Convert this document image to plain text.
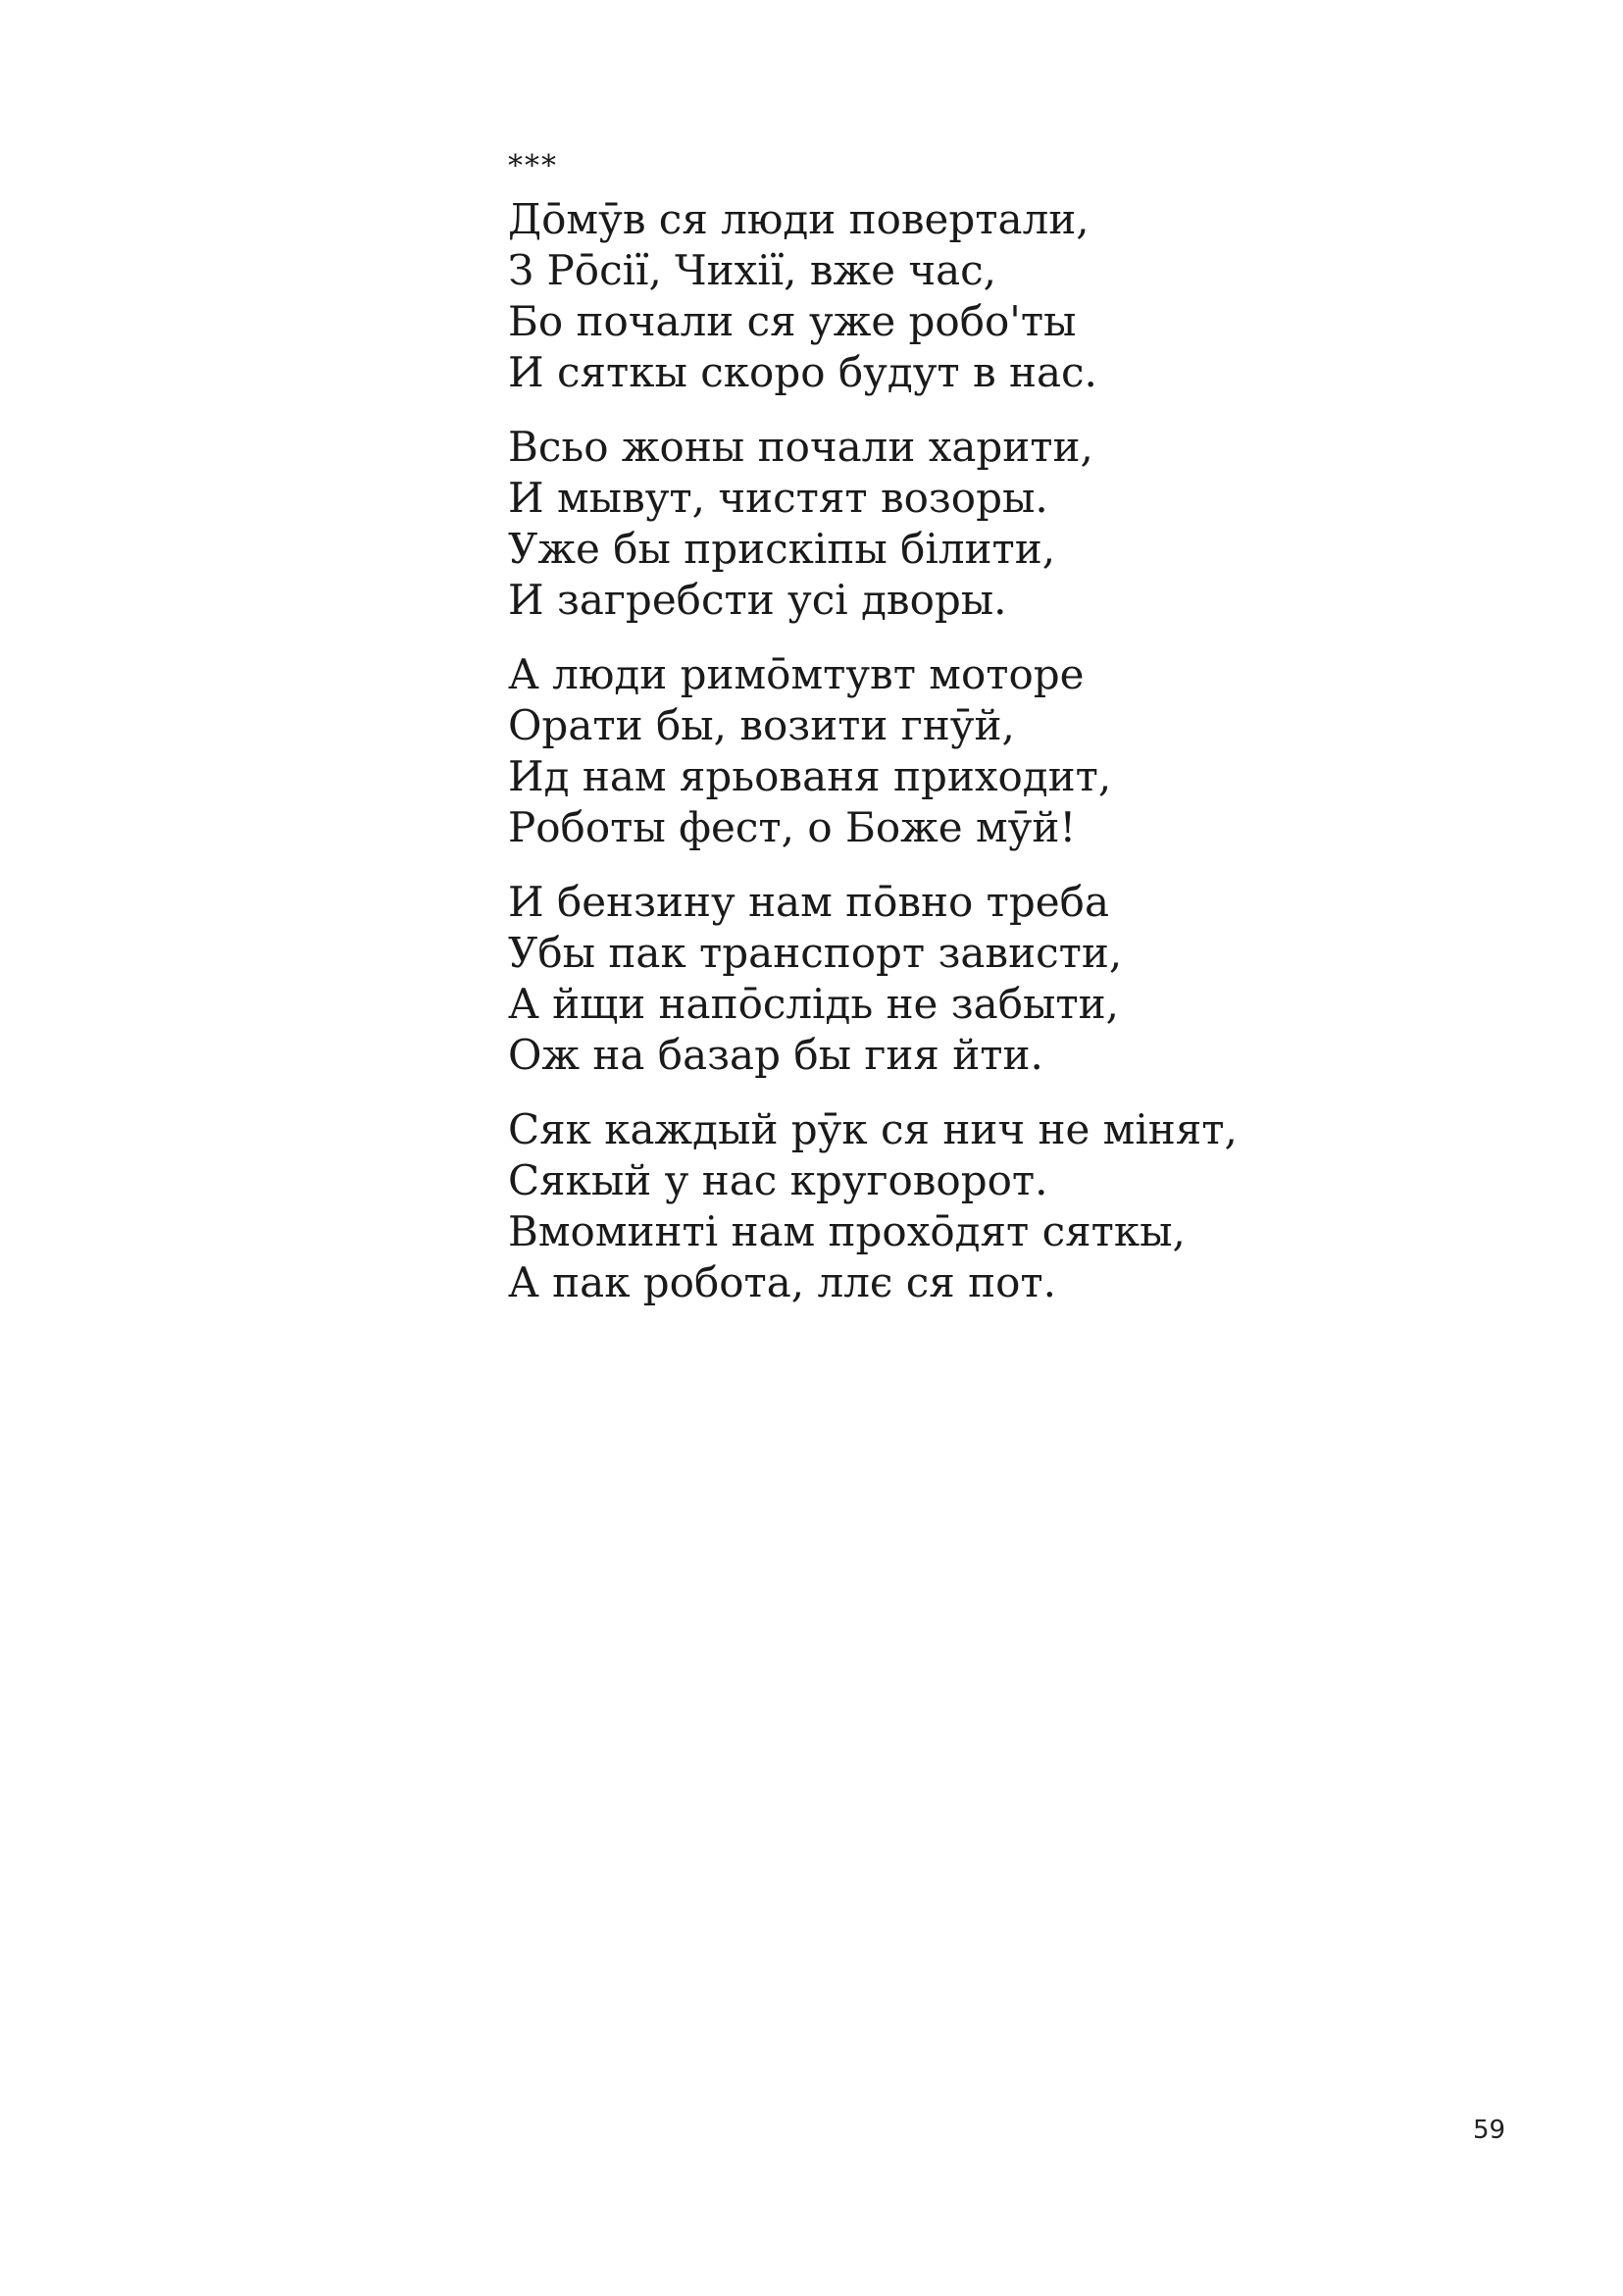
***
Дōмӯв ся люди повертали,
З Рōсії, Чихії, вже час,
Бо почали ся уже робо'ты
И сяткы скоро будут в нас.
Всьо жоны почали харити,
И мывут, чистят возоры.
Уже бы прискіпы білити,
И загребсти усі дворы.
А люди римōмтувт моторе
Орати бы, возити гнӯй,
Ид нам ярьованя приходит,
Роботы фест, о Боже мӯй!
И бензину нам пōвно треба
Убы пак транспорт зависти,
А йщи напōслідь не забыти,
Ож на базар бы гия йти.
Сяк каждый рӯк ся нич не мінят,
Сякый у нас круговорот.
Вмоминті нам прохōдят сяткы,
А пак робота, ллє ся пот.
59
